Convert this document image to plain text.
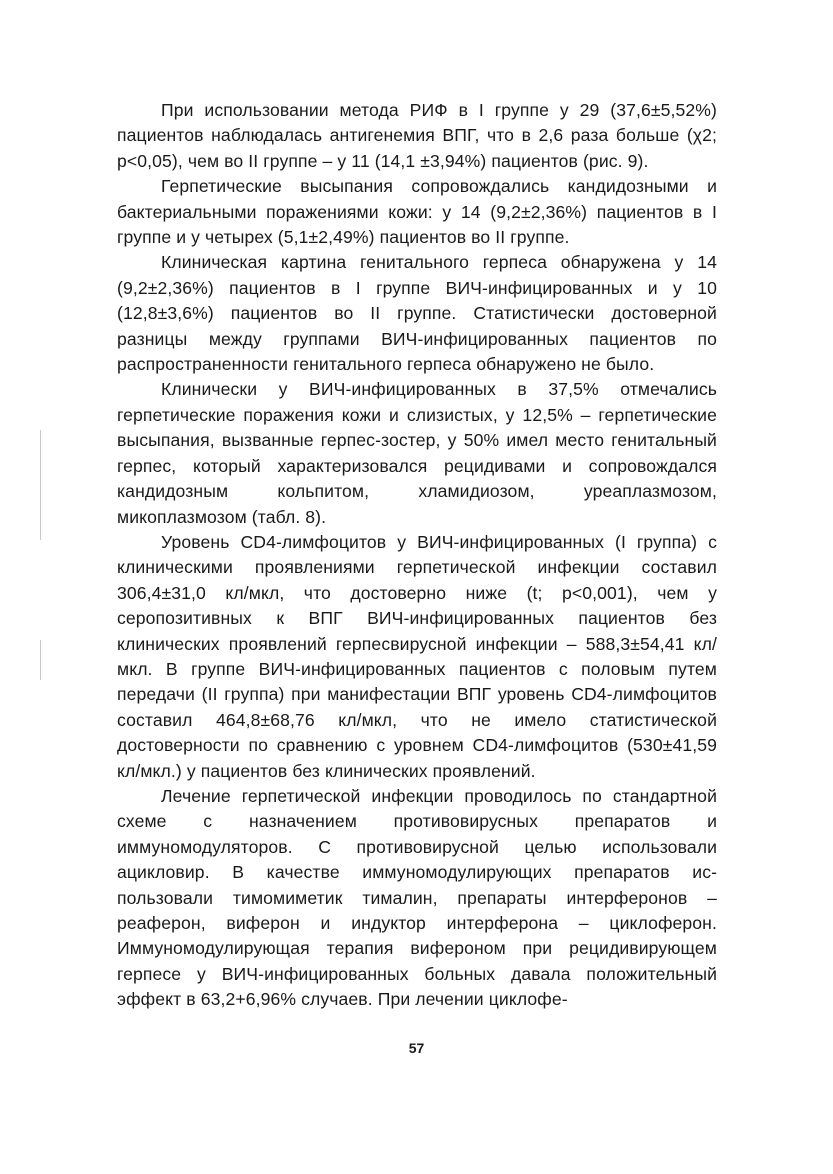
При использовании метода РИФ в I группе у 29 (37,6±5,52%) пациентов наблюдалась антигенемия ВПГ, что в 2,6 раза больше (χ2; р<0,05), чем во II группе – у 11 (14,1 ±3,94%) пациентов (рис. 9).

Герпетические высыпания сопровождались кандидозными и бактериальными поражениями кожи: у 14 (9,2±2,36%) пациентов в I группе и у четырех (5,1±2,49%) пациентов во II группе.

Клиническая картина генитального герпеса обнаружена у 14 (9,2±2,36%) пациентов в I группе ВИЧ-инфицированных и у 10 (12,8±3,6%) пациентов во II группе. Статистически достоверной разницы между группами ВИЧ-инфицированных пациентов по распространенности генитального герпеса обнаружено не было.

Клинически у ВИЧ-инфицированных в 37,5% отмечались герпетические поражения кожи и слизистых, у 12,5% – герпетические высыпания, вызванные герпес-зостер, у 50% имел место генитальный герпес, который характеризовался рецидивами и сопровождался кандидозным кольпитом, хламидиозом, уреаплазмозом, микоплазмозом (табл. 8).

Уровень CD4-лимфоцитов у ВИЧ-инфицированных (I группа) с клиническими проявлениями герпетической инфекции составил 306,4±31,0 кл/мкл, что достоверно ниже (t; р<0,001), чем у серопозитивных к ВПГ ВИЧ-инфицированных пациентов без клинических проявлений герпесвирусной инфекции – 588,3±54,41 кл/мкл. В группе ВИЧ-инфицированных пациентов с половым путем передачи (II группа) при манифестации ВПГ уровень CD4-лимфоцитов составил 464,8±68,76 кл/мкл, что не имело статистической достоверности по сравнению с уровнем CD4-лимфоцитов (530±41,59 кл/мкл.) у пациентов без клинических проявлений.

Лечение герпетической инфекции проводилось по стандартной схеме с назначением противовирусных препаратов и иммуномодуляторов. С противовирусной целью использовали ацикловир. В качестве иммуномодулирующих препаратов использовали тимомиметик тималин, препараты интерферонов – реаферон, виферон и индуктор интерферона – циклоферон. Иммуномодулирующая терапия вифероном при рецидивирующем герпесе у ВИЧ-инфицированных больных давала положительный эффект в 63,2+6,96% случаев. При лечении циклофе-

57
